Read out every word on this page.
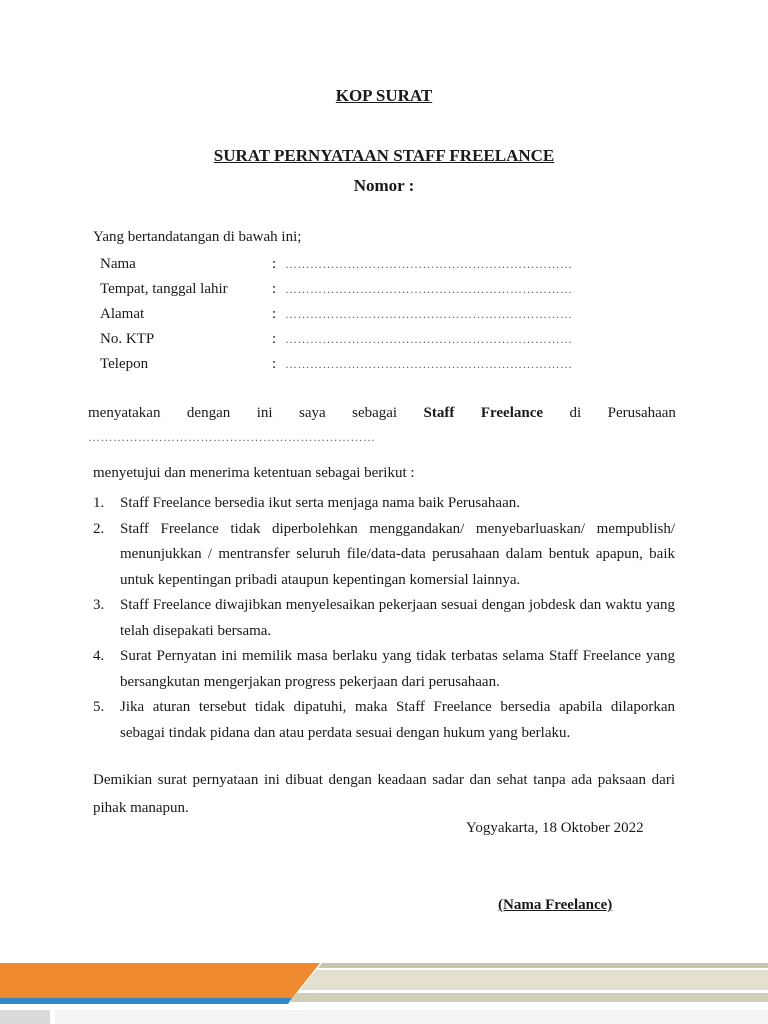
KOP SURAT
SURAT PERNYATAAN STAFF FREELANCE
Nomor :
Yang bertandatangan di bawah ini;
Nama	: ……………………………………………………………
Tempat, tanggal lahir	: ……………………………………………………………
Alamat	: ……………………………………………………………
No. KTP	: ……………………………………………………………
Telepon	: ……………………………………………………………
menyatakan dengan ini saya sebagai Staff Freelance di Perusahaan
……………………………………………………………
menyetujui dan menerima ketentuan sebagai berikut :
1. Staff Freelance bersedia ikut serta menjaga nama baik Perusahaan.
2. Staff Freelance tidak diperbolehkan menggandakan/ menyebarluaskan/ mempublish/ menunjukkan / mentransfer seluruh file/data-data perusahaan dalam bentuk apapun, baik untuk kepentingan pribadi ataupun kepentingan komersial lainnya.
3. Staff Freelance diwajibkan menyelesaikan pekerjaan sesuai dengan jobdesk dan waktu yang telah disepakati bersama.
4. Surat Pernyatan ini memilik masa berlaku yang tidak terbatas selama Staff Freelance yang bersangkutan mengerjakan progress pekerjaan dari perusahaan.
5. Jika aturan tersebut tidak dipatuhi, maka Staff Freelance bersedia apabila dilaporkan sebagai tindak pidana dan atau perdata sesuai dengan hukum yang berlaku.
Demikian surat pernyataan ini dibuat dengan keadaan sadar dan sehat tanpa ada paksaan dari pihak manapun.
Yogyakarta, 18 Oktober 2022
(Nama Freelance)
